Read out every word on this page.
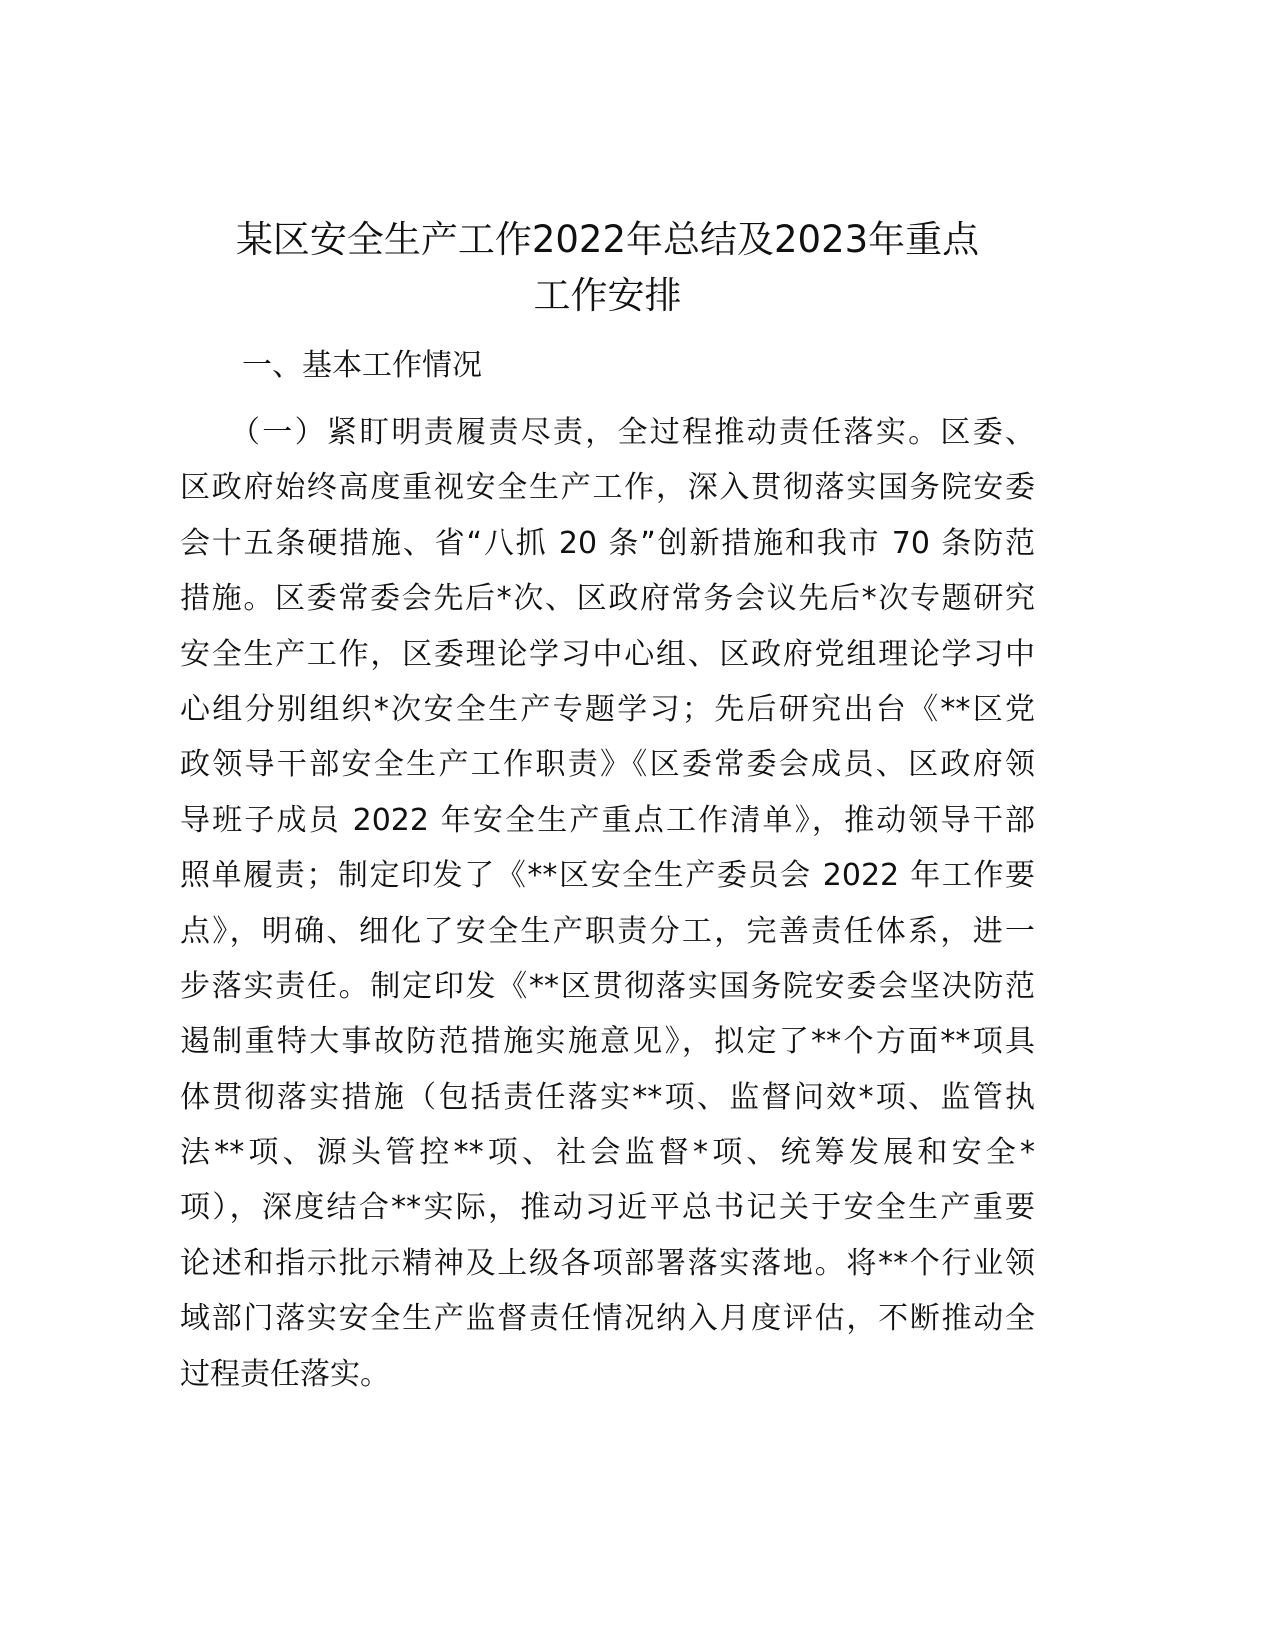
某区安全生产工作2022年总结及2023年重点
工作安排
一、基本工作情况
（一）紧盯明责履责尽责，全过程推动责任落实。区委、
区政府始终高度重视安全生产工作，深入贯彻落实国务院安委
会十五条硬措施、省“八抓 20 条”创新措施和我市 70 条防范
措施。区委常委会先后*次、区政府常务会议先后*次专题研究
安全生产工作，区委理论学习中心组、区政府党组理论学习中
心组分别组织*次安全生产专题学习；先后研究出台《**区党
政领导干部安全生产工作职责》《区委常委会成员、区政府领
导班子成员 2022 年安全生产重点工作清单》，推动领导干部
照单履责；制定印发了《**区安全生产委员会 2022 年工作要
点》，明确、细化了安全生产职责分工，完善责任体系，进一
步落实责任。制定印发《**区贯彻落实国务院安委会坚决防范
遏制重特大事故防范措施实施意见》，拟定了**个方面**项具
体贯彻落实措施（包括责任落实**项、监督问效*项、监管执
法**项、源头管控**项、社会监督*项、统筹发展和安全*
项），深度结合**实际，推动习近平总书记关于安全生产重要
论述和指示批示精神及上级各项部署落实落地。将**个行业领
域部门落实安全生产监督责任情况纳入月度评估，不断推动全
过程责任落实。
